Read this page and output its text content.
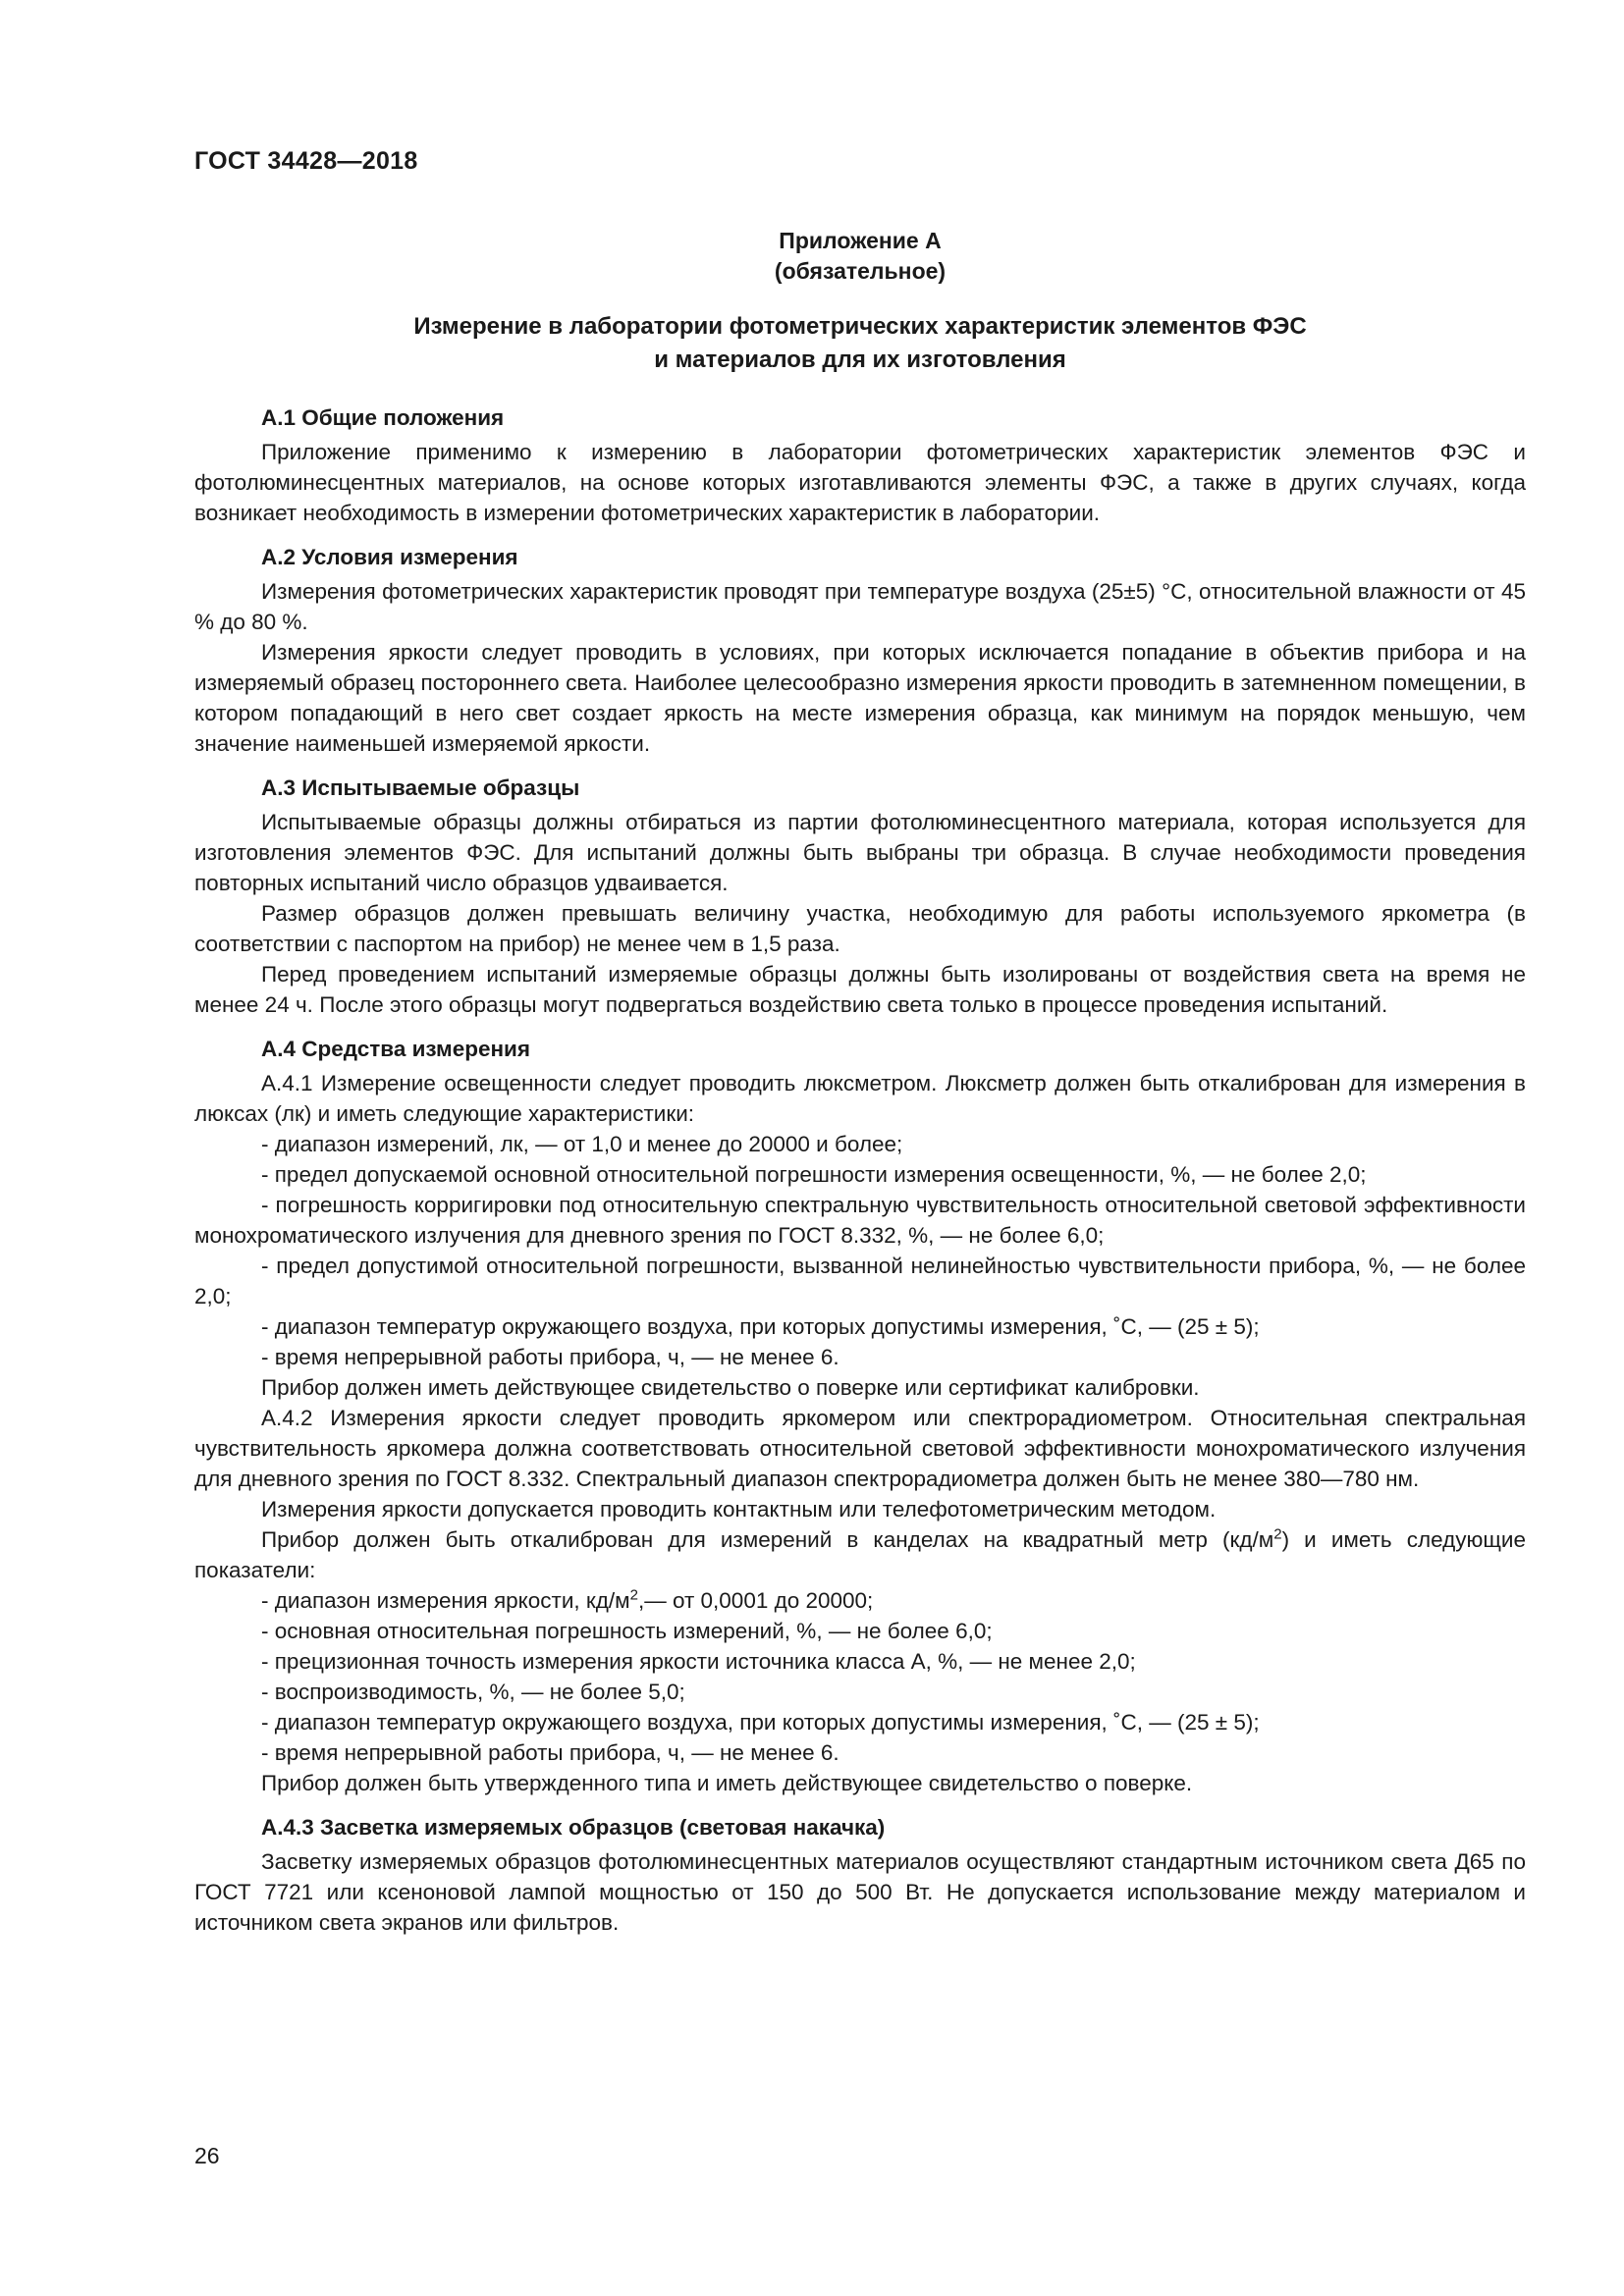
ГОСТ 34428—2018
Приложение А
(обязательное)
Измерение в лаборатории фотометрических характеристик элементов ФЭС
и материалов для их изготовления
А.1 Общие положения

Приложение применимо к измерению в лаборатории фотометрических характеристик элементов ФЭС и фотолюминесцентных материалов, на основе которых изготавливаются элементы ФЭС, а также в других случаях, когда возникает необходимость в измерении фотометрических характеристик в лаборатории.

А.2 Условия измерения

Измерения фотометрических характеристик проводят при температуре воздуха (25±5) °С, относительной влажности от 45 % до 80 %.

Измерения яркости следует проводить в условиях, при которых исключается попадание в объектив прибора и на измеряемый образец постороннего света. Наиболее целесообразно измерения яркости проводить в затемненном помещении, в котором попадающий в него свет создает яркость на месте измерения образца, как минимум на порядок меньшую, чем значение наименьшей измеряемой яркости.

А.3 Испытываемые образцы

Испытываемые образцы должны отбираться из партии фотолюминесцентного материала, которая используется для изготовления элементов ФЭС. Для испытаний должны быть выбраны три образца. В случае необходимости проведения повторных испытаний число образцов удваивается.

Размер образцов должен превышать величину участка, необходимую для работы используемого яркометра (в соответствии с паспортом на прибор) не менее чем в 1,5 раза.

Перед проведением испытаний измеряемые образцы должны быть изолированы от воздействия света на время не менее 24 ч. После этого образцы могут подвергаться воздействию света только в процессе проведения испытаний.

А.4 Средства измерения

А.4.1 Измерение освещенности следует проводить люксметром. Люксметр должен быть откалиброван для измерения в люксах (лк) и иметь следующие характеристики:

- диапазон измерений, лк, — от 1,0 и менее до 20000 и более;

- предел допускаемой основной относительной погрешности измерения освещенности, %, — не более 2,0;

- погрешность корригировки под относительную спектральную чувствительность относительной световой эффективности монохроматического излучения для дневного зрения по ГОСТ 8.332, %, — не более 6,0;

- предел допустимой относительной погрешности, вызванной нелинейностью чувствительности прибора, %, — не более 2,0;

- диапазон температур окружающего воздуха, при которых допустимы измерения, ˚С, — (25 ± 5);

- время непрерывной работы прибора, ч, — не менее 6.

Прибор должен иметь действующее свидетельство о поверке или сертификат калибровки.

А.4.2 Измерения яркости следует проводить яркомером или спектрорадиометром. Относительная спектральная чувствительность яркомера должна соответствовать относительной световой эффективности монохроматического излучения для дневного зрения по ГОСТ 8.332. Спектральный диапазон спектрорадиометра должен быть не менее 380—780 нм.

Измерения яркости допускается проводить контактным или телефотометрическим методом.

Прибор должен быть откалиброван для измерений в канделах на квадратный метр $(кд/м^2)$ и иметь следующие показатели:

- диапазон измерения яркости, $кд/м^2,—$ от 0,0001 до 20000;

- основная относительная погрешность измерений, %, — не более 6,0;

- прецизионная точность измерения яркости источника класса А, %, — не менее 2,0;

- воспроизводимость, %, — не более 5,0;

- диапазон температур окружающего воздуха, при которых допустимы измерения, ˚С, — (25 ± 5);

- время непрерывной работы прибора, ч, — не менее 6.

Прибор должен быть утвержденного типа и иметь действующее свидетельство о поверке.

А.4.3 Засветка измеряемых образцов (световая накачка)

Засветку измеряемых образцов фотолюминесцентных материалов осуществляют стандартным источником света Д65 по ГОСТ 7721 или ксеноновой лампой мощностью от 150 до 500 Вт. Не допускается использование между материалом и источником света экранов или фильтров.

26
